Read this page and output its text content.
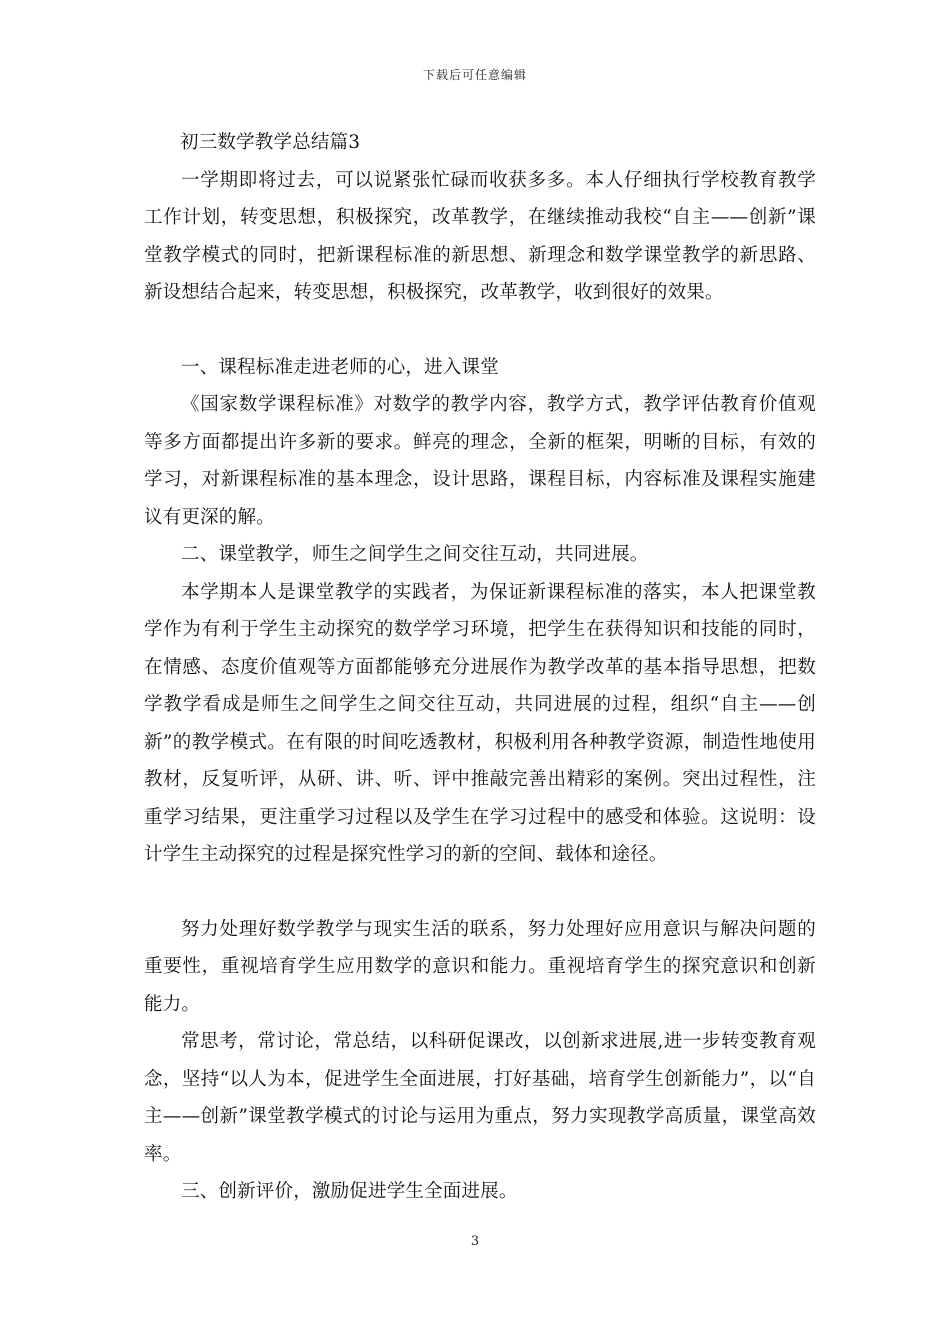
下载后可任意编辑

初三数学教学总结篇3

一学期即将过去，可以说紧张忙碌而收获多多。本人仔细执行学校教育教学工作计划，转变思想，积极探究，改革教学，在继续推动我校“自主——创新”课堂教学模式的同时，把新课程标准的新思想、新理念和数学课堂教学的新思路、新设想结合起来，转变思想，积极探究，改革教学，收到很好的效果。

一、课程标准走进老师的心，进入课堂

《国家数学课程标准》对数学的教学内容，教学方式，教学评估教育价值观等多方面都提出许多新的要求。鲜亮的理念，全新的框架，明晰的目标，有效的学习，对新课程标准的基本理念，设计思路，课程目标，内容标准及课程实施建议有更深的解。

二、课堂教学，师生之间学生之间交往互动，共同进展。

本学期本人是课堂教学的实践者，为保证新课程标准的落实，本人把课堂教学作为有利于学生主动探究的数学学习环境，把学生在获得知识和技能的同时，在情感、态度价值观等方面都能够充分进展作为教学改革的基本指导思想，把数学教学看成是师生之间学生之间交往互动，共同进展的过程，组织“自主——创新”的教学模式。在有限的时间吃透教材，积极利用各种教学资源，制造性地使用教材，反复听评，从研、讲、听、评中推敲完善出精彩的案例。突出过程性，注重学习结果，更注重学习过程以及学生在学习过程中的感受和体验。这说明：设计学生主动探究的过程是探究性学习的新的空间、载体和途径。

努力处理好数学教学与现实生活的联系，努力处理好应用意识与解决问题的重要性，重视培育学生应用数学的意识和能力。重视培育学生的探究意识和创新能力。

常思考，常讨论，常总结，以科研促课改，以创新求进展,进一步转变教育观念，坚持“以人为本，促进学生全面进展，打好基础，培育学生创新能力”，以“自主——创新”课堂教学模式的讨论与运用为重点，努力实现教学高质量，课堂高效率。

三、创新评价，激励促进学生全面进展。

3
